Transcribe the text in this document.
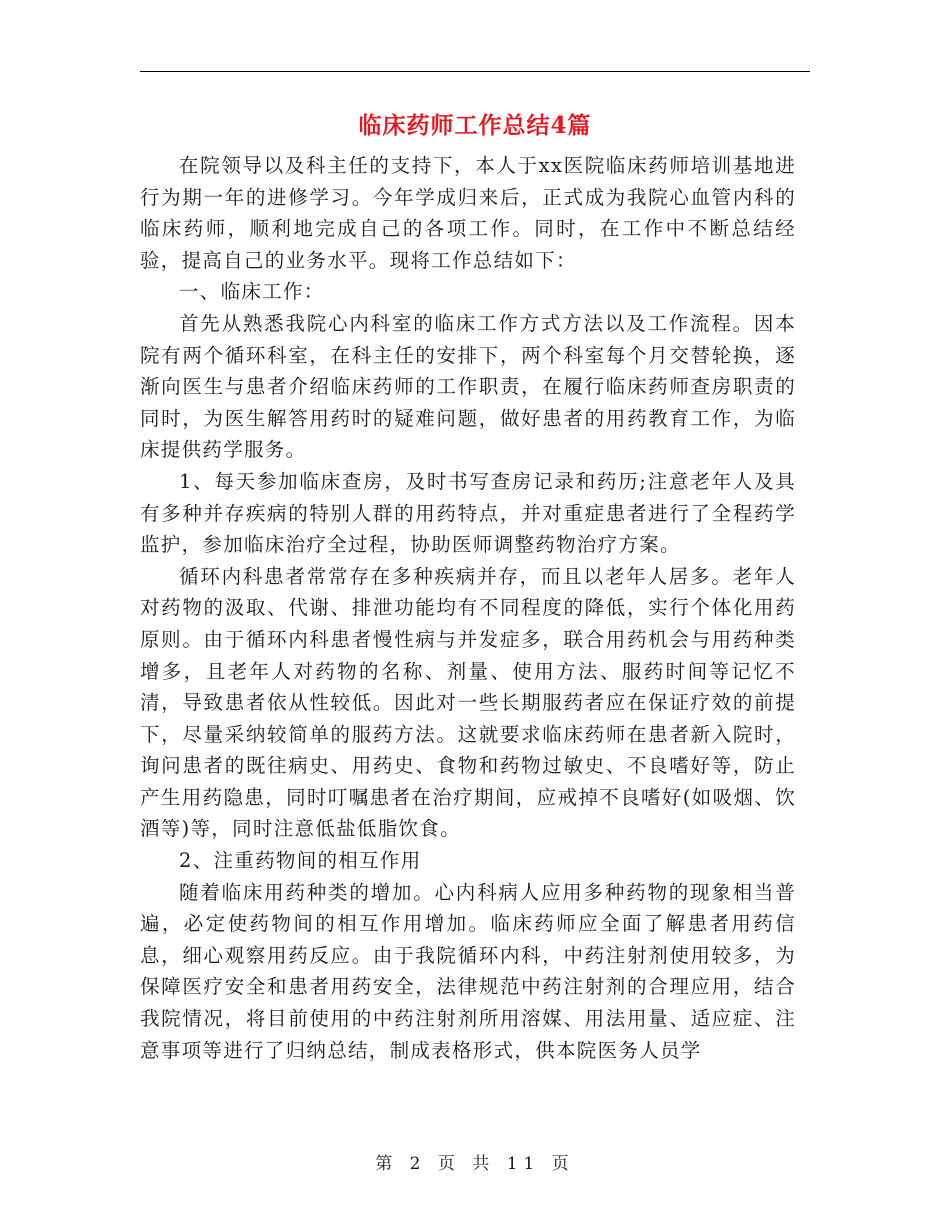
临床药师工作总结4篇

在院领导以及科主任的支持下，本人于xx医院临床药师培训基地进行为期一年的进修学习。今年学成归来后，正式成为我院心血管内科的临床药师，顺利地完成自己的各项工作。同时，在工作中不断总结经验，提高自己的业务水平。现将工作总结如下：

一、临床工作：

首先从熟悉我院心内科室的临床工作方式方法以及工作流程。因本院有两个循环科室，在科主任的安排下，两个科室每个月交替轮换，逐渐向医生与患者介绍临床药师的工作职责，在履行临床药师查房职责的同时，为医生解答用药时的疑难问题，做好患者的用药教育工作，为临床提供药学服务。

1、每天参加临床查房，及时书写查房记录和药历;注意老年人及具有多种并存疾病的特别人群的用药特点，并对重症患者进行了全程药学监护，参加临床治疗全过程，协助医师调整药物治疗方案。

循环内科患者常常存在多种疾病并存，而且以老年人居多。老年人对药物的汲取、代谢、排泄功能均有不同程度的降低，实行个体化用药原则。由于循环内科患者慢性病与并发症多，联合用药机会与用药种类增多，且老年人对药物的名称、剂量、使用方法、服药时间等记忆不清，导致患者依从性较低。因此对一些长期服药者应在保证疗效的前提下，尽量采纳较简单的服药方法。这就要求临床药师在患者新入院时，询问患者的既往病史、用药史、食物和药物过敏史、不良嗜好等，防止产生用药隐患，同时叮嘱患者在治疗期间，应戒掉不良嗜好(如吸烟、饮酒等)等，同时注意低盐低脂饮食。

2、注重药物间的相互作用

随着临床用药种类的增加。心内科病人应用多种药物的现象相当普遍，必定使药物间的相互作用增加。临床药师应全面了解患者用药信息，细心观察用药反应。由于我院循环内科，中药注射剂使用较多，为保障医疗安全和患者用药安全，法律规范中药注射剂的合理应用，结合我院情况，将目前使用的中药注射剂所用溶媒、用法用量、适应症、注意事项等进行了归纳总结，制成表格形式，供本院医务人员学

第 2 页 共 11 页
